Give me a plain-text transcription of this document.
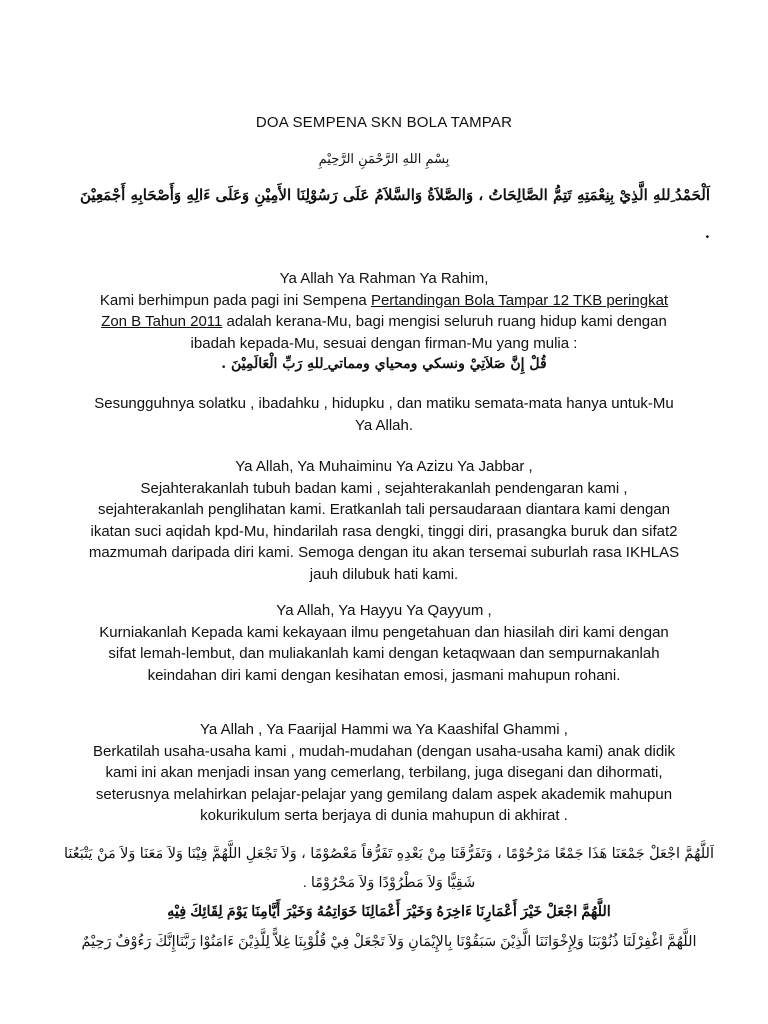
DOA SEMPENA SKN BOLA TAMPAR
بِسْمِ اللهِ الرَّحْمَنِ الرَّحِيْمِ
اَلْحَمْدُ ِللهِ الَّذِيْ بِنِعْمَتِهِ تَتِمُّ الصَّالِحَاتُ ، وَالصَّلاَةُ وَالسَّلاَمُ عَلَى رَسُوْلِنَا الأَمِيْنِ وَعَلَى ءَالِهِ وَأَصْحَابِهِ أَجْمَعِيْنَ .
Ya Allah Ya Rahman Ya Rahim,
Kami berhimpun pada pagi ini Sempena Pertandingan Bola Tampar 12 TKB peringkat Zon B Tahun 2011 adalah kerana-Mu, bagi mengisi seluruh ruang hidup kami dengan ibadah kepada-Mu, sesuai dengan firman-Mu yang mulia :
قُلْ إِنَّ صَلاَتِيْ ونسكي ومحياي ومماتي ِللهِ رَبِّ الْعَالَمِيْنَ .
Sesungguhnya solatku , ibadahku , hidupku , dan matiku semata-mata hanya untuk-Mu Ya Allah.
Ya Allah, Ya Muhaiminu Ya Azizu Ya Jabbar ,
Sejahterakanlah tubuh badan kami , sejahterakanlah pendengaran kami , sejahterakanlah penglihatan kami. Eratkanlah tali persaudaraan diantara kami dengan ikatan suci aqidah kpd-Mu, hindarilah rasa dengki, tinggi diri, prasangka buruk dan sifat2 mazmumah daripada diri kami. Semoga dengan itu akan tersemai suburlah rasa IKHLAS jauh dilubuk hati kami.
Ya Allah, Ya Hayyu Ya Qayyum ,
Kurniakanlah Kepada kami kekayaan ilmu pengetahuan dan hiasilah diri kami dengan sifat lemah-lembut, dan muliakanlah kami dengan ketaqwaan dan sempurnakanlah keindahan diri kami dengan kesihatan emosi, jasmani mahupun rohani.
Ya Allah , Ya Faarijal Hammi wa Ya Kaashifal Ghammi ,
Berkatilah usaha-usaha kami , mudah-mudahan (dengan usaha-usaha kami) anak didik kami ini akan menjadi insan yang cemerlang, terbilang, juga disegani dan dihormati, seterusnya melahirkan pelajar-pelajar yang gemilang dalam aspek akademik mahupun kokurikulum serta berjaya di dunia mahupun di akhirat .
اَللَّهُمَّ اجْعَلْ جَمْعَنَا هَذَا جَمْعًا مَرْحُوْمًا ، وَتَفَرُّقَنَا مِنْ بَعْدِهِ تَفَرُّقاً مَعْصُوْمًا ، وَلاَ تَجْعَلِ اللَّهُمَّ فِيْنَا وَلاَ مَعَنَا وَلاَ مَنْ يَتْبَعُنَا شَقِيًّا وَلاَ مَطْرُوْدًا وَلاَ مَحْرُوْمًا .
اللَّهُمَّ اجْعَلْ خَيْرَ أَعْمَارِنَا ءَاخِرَهُ وَخَيْرَ أَعْمَالِنَا خَوَاتِمُهُ وَخَيْرَ أَيَّامِنَا يَوْمَ لِقَائِكَ فِيْهِ
اللَّهُمَّ اغْفِرْلَنَا ذُنُوْبَنَا وَلِإِخْوَانَنَا الَّذِيْنَ سَبَقُوْنَا بِالإِيْمَانِ وَلاَ تَجْعَلْ فِيْ قُلُوْبِنَا غِلاًّ لِلَّذِيْنَ ءَامَنُوْا رَبَّنَاإِنَّكَ رَءُوْفٌ رَحِيْمٌ
